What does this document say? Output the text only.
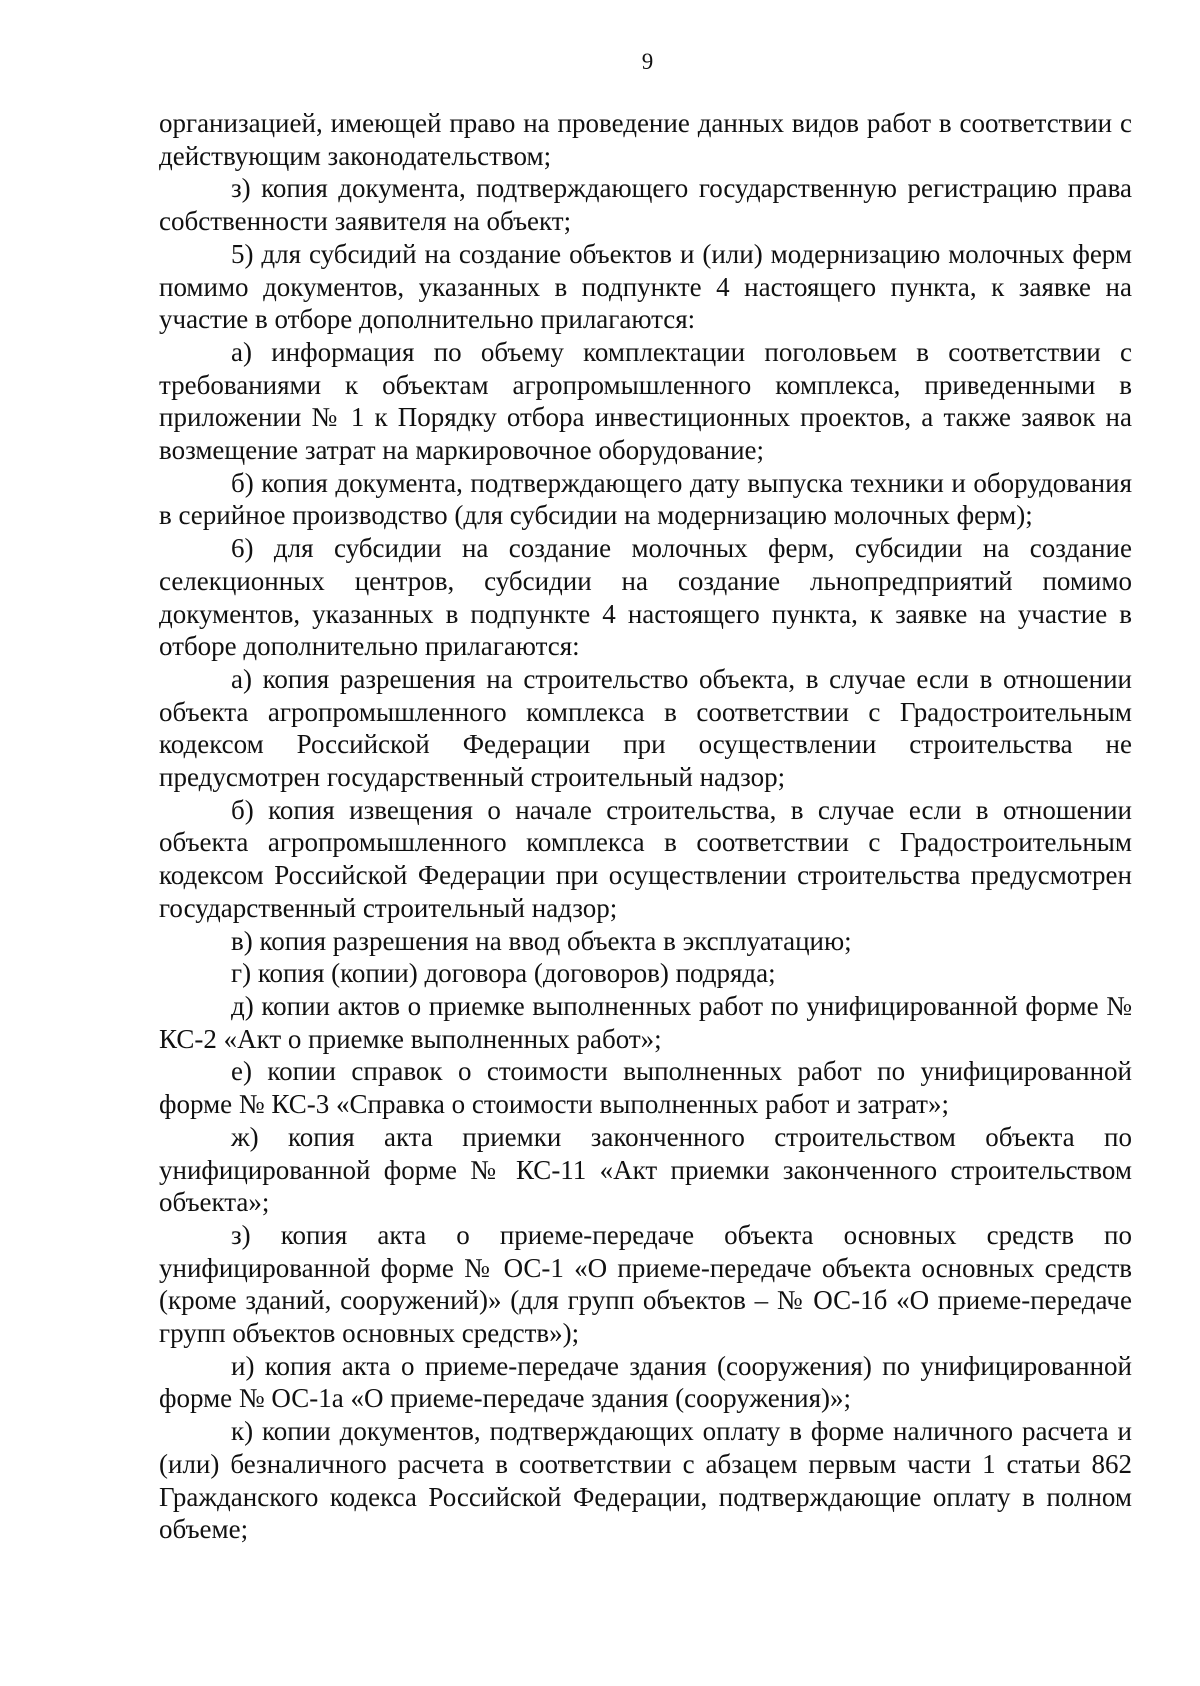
9

организацией, имеющей право на проведение данных видов работ в соответствии с действующим законодательством;

з) копия документа, подтверждающего государственную регистрацию права собственности заявителя на объект;

5) для субсидий на создание объектов и (или) модернизацию молочных ферм помимо документов, указанных в подпункте 4 настоящего пункта, к заявке на участие в отборе дополнительно прилагаются:

а) информация по объему комплектации поголовьем в соответствии с требованиями к объектам агропромышленного комплекса, приведенными в приложении № 1 к Порядку отбора инвестиционных проектов, а также заявок на возмещение затрат на маркировочное оборудование;

б) копия документа, подтверждающего дату выпуска техники и оборудования в серийное производство (для субсидии на модернизацию молочных ферм);

6) для субсидии на создание молочных ферм, субсидии на создание селекционных центров, субсидии на создание льнопредприятий помимо документов, указанных в подпункте 4 настоящего пункта, к заявке на участие в отборе дополнительно прилагаются:

а) копия разрешения на строительство объекта, в случае если в отношении объекта агропромышленного комплекса в соответствии с Градостроительным кодексом Российской Федерации при осуществлении строительства не предусмотрен государственный строительный надзор;

б) копия извещения о начале строительства, в случае если в отношении объекта агропромышленного комплекса в соответствии с Градостроительным кодексом Российской Федерации при осуществлении строительства предусмотрен государственный строительный надзор;

в) копия разрешения на ввод объекта в эксплуатацию;

г) копия (копии) договора (договоров) подряда;

д) копии актов о приемке выполненных работ по унифицированной форме № КС-2 «Акт о приемке выполненных работ»;

е) копии справок о стоимости выполненных работ по унифицированной форме № КС-3 «Справка о стоимости выполненных работ и затрат»;

ж) копия акта приемки законченного строительством объекта по унифицированной форме № КС-11 «Акт приемки законченного строительством объекта»;

з) копия акта о приеме-передаче объекта основных средств по унифицированной форме № ОС-1 «О приеме-передаче объекта основных средств (кроме зданий, сооружений)» (для групп объектов – № ОС-1б «О приеме-передаче групп объектов основных средств»);

и) копия акта о приеме-передаче здания (сооружения) по унифицированной форме № ОС-1а «О приеме-передаче здания (сооружения)»;

к) копии документов, подтверждающих оплату в форме наличного расчета и (или) безналичного расчета в соответствии с абзацем первым части 1 статьи 862 Гражданского кодекса Российской Федерации, подтверждающие оплату в полном объеме;
